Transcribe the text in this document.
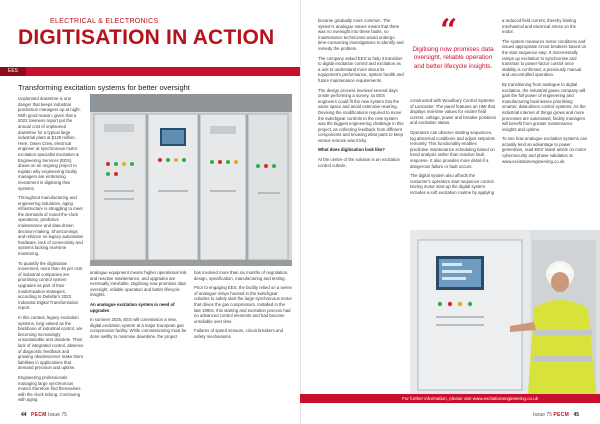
ELECTRICAL & ELECTRONICS
DIGITISATION IN ACTION
EES
Transforming excitation systems for better oversight

Unplanned downtime is one danger that keeps industrial production managers up at night. With good reason, given that a 2022 Siemens report put the annual cost of unplanned downtime for a typical large industrial plant at $129 million. Here, Owen Crew, electrical engineer at synchronous motor excitation specialist Excitation & Engineering Services (EES), draws on an ongoing project to explain why engineering facility managers are embracing investment in digitising their systems.

Throughout manufacturing and engineering industries, aging infrastructure is struggling to meet the demands of round-the-clock operations, predictive maintenance and data-driven decision-making. Shortcomings and reliance on legacy automation hardware, lack of connectivity and systems lacking real-time monitoring.

To quantify the digitisation movement, more than 48 per cent of industrial companies are prioritising control system upgrades as part of their modernisation strategies, according to Deloitte's 2023 Industrial Digital Transformation report.

In this context, legacy excitation systems, long valued as the backbone of industrial control, are becoming increasingly unsustainable and obsolete. Their lack of integrated control, absence of diagnostic feedback and growing obsolescence make them liabilities in applications that demand precision and uptime.

Engineering professionals managing large synchronous motors therefore find themselves with the clock ticking. Continuing with aging

analogue equipment means higher operational risk and reactive maintenance, and upgrades are eventually inevitable. Digitising now promises data oversight, reliable operation and better lifecycle insights.

An analogue excitation system in need of upgrades

In summer 2025, EES will commission a new, digital excitation system at a major European gas compression facility. While commissioning must be done swiftly to minimise downtime, the project

has involved more than six months of negotiation, design, specification, manufacturing and testing.

Prior to engaging EES, the facility relied on a series of analogue relays housed in the switchgear cubicles to safely start the large synchronous motor that drives the gas compressors. Installed in the late 1990s, this starting and excitation process had no advanced control elements and had become unreliable over time.

Failures of speed sensors, circuit breakers and safety mechanisms

44 PECM Issue 75

became gradually more common. The system's analogue nature meant that there was no oversight into these faults, so maintenance technicians would undergo time-consuming investigations to identify and remedy the problem.

The company asked EES to help it transition to digital excitation control and excitation as a unit to understand more about its equipment's performance, system health and future maintenance requirements.

The design process involved several days onsite performing a survey, so EES engineers could fit the new system into the same space and avoid extensive rewiring. Devising the modifications required to move the switchgear controls to the new system was the biggest engineering challenge in this project, as collecting feedback from different components and knowing what parts to keep versus remove was tricky.

What does digitisation look like?

At the centre of the solution is an excitation control cubicle,

“
Digitising now promises data oversight, reliable operation and better lifecycle insights.

constructed with Woodbury Control Systems of Lancaster. The panel features an HMI that displays real-time values for exciter field current, voltage, power and breaker positions and excitation status.

Operators can observe starting sequences, log abnormal conditions and adjust setpoints remotely. This functionality enables predictive maintenance scheduling based on trend analysis rather than reactive fault response. It also provides more detail if a dangerous failure or fault occurs.

The digital system also affords the customer's operators start sequence control. During motor start-up the digital system includes a soft excitation routine by applying

a reduced field current, thereby limiting mechanical and electrical stress on the motor.

The system measures motor conditions and issues appropriate circuit breakers based on the start sequence step. It incrementally ramps up excitation to synchronise and transition to power-factor control once stability is confirmed, a previously manual and uncontrolled operation.

By transitioning from analogue to digital excitation, the industrial gases company will gain the full power of engineering and manufacturing businesses prioritising smarter, data-driven control systems. As the industrial internet of things grows and more processes are automated, facility managers will benefit from greater maintenance insights and uptime.

To see how analogue excitation systems can actually lend an advantage to power generation, read EES' latest article on motor cybersecurity and phase validation at www.excitationengineering.co.uk.

For further information, please visit www.excitationengineering.co.uk
Issue 75 PECM 45
